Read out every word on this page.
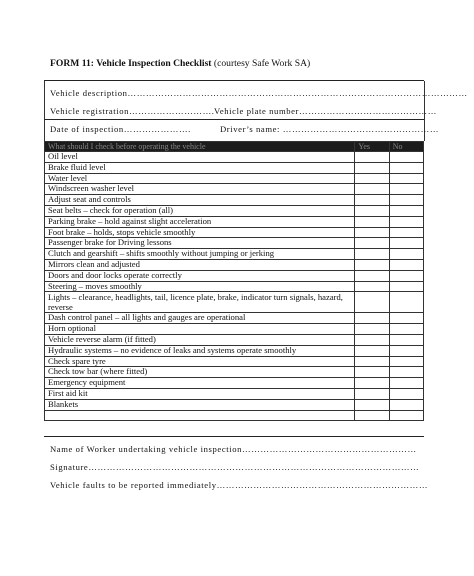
FORM 11: Vehicle Inspection Checklist (courtesy Safe Work SA)
Vehicle description…………………………………………………………………………………………………
Vehicle registration………………………. Vehicle plate number………………………………………
Date of inspection………………….	Driver’s name: ……………………………………………
What should I check before operating the vehicle	Yes	No
Oil level		
Brake fluid level		
Water level		
Windscreen washer level		
Adjust seat and controls		
Seat belts – check for operation (all)		
Parking brake – hold against slight acceleration		
Foot brake – holds, stops vehicle smoothly		
Passenger brake for Driving lessons		
Clutch and gearshift – shifts smoothly without jumping or jerking		
Mirrors clean and adjusted		
Doors and door locks operate correctly		
Steering – moves smoothly		
Lights – clearance, headlights, tail, licence plate, brake, indicator turn signals, hazard, reverse		
Dash control panel – all lights and gauges are operational		
Horn optional		
Vehicle reverse alarm (if fitted)		
Hydraulic systems – no evidence of leaks and systems operate smoothly		
Check spare tyre		
Check tow bar (where fitted)		
Emergency equipment		
First aid kit		
Blankets		

Name of Worker undertaking vehicle inspection…………………………………………………
Signature………………………………………………………………………………………………
Vehicle faults to be reported immediately……………………………………………………………
